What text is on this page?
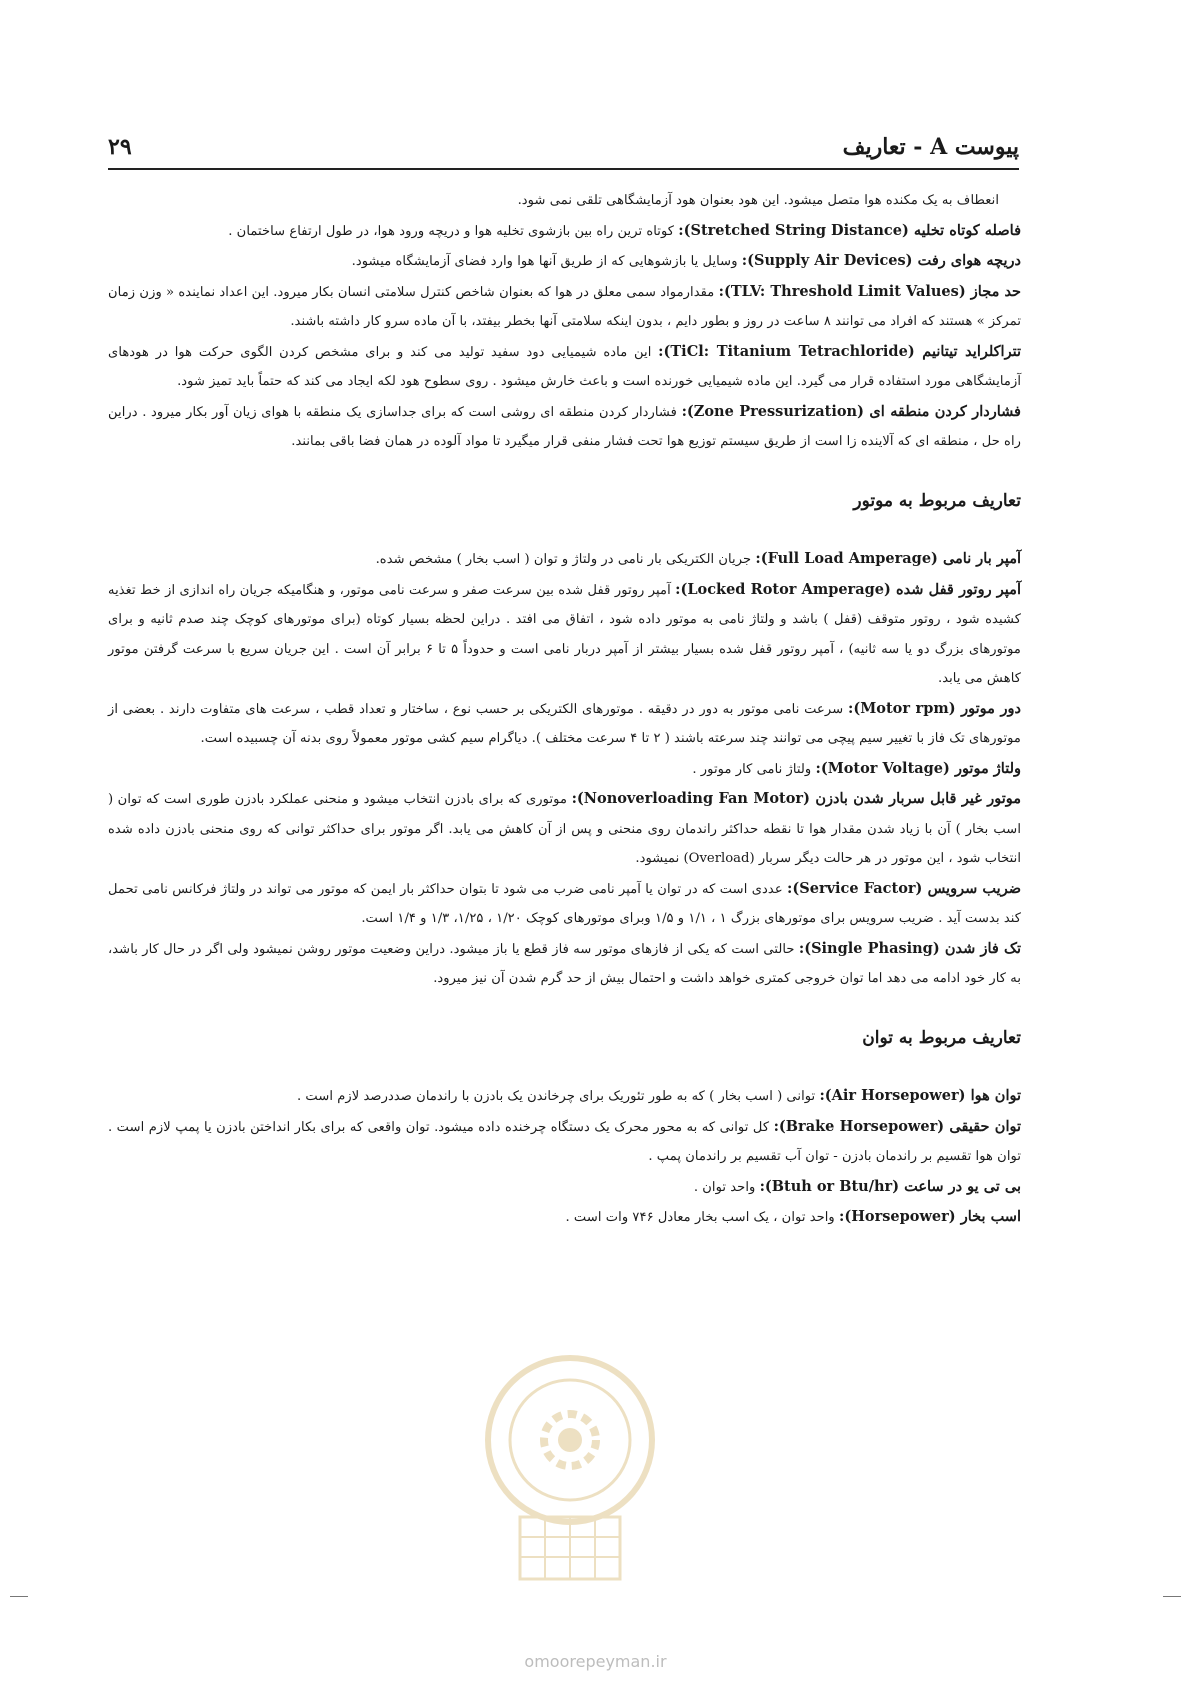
۲۹	پیوست A - تعاریف
انعطاف به یک مکنده هوا متصل میشود. این هود بعنوان هود آزمایشگاهی تلقی نمی شود.

فاصله کوتاه تخلیه (Stretched String Distance): کوتاه ترین راه بین بازشوی تخلیه هوا و دریچه ورود هوا، در طول ارتفاع ساختمان .

دریچه هوای رفت (Supply Air Devices): وسایل یا بازشوهایی که از طریق آنها هوا وارد فضای آزمایشگاه میشود.

حد مجاز (TLV: Threshold Limit Values): مقدارمواد سمی معلق در هوا که بعنوان شاخص کنترل سلامتی انسان بکار میرود. این اعداد نماینده « وزن زمان تمرکز » هستند که افراد می توانند ۸ ساعت در روز و بطور دایم ، بدون اینکه سلامتی آنها بخطر بیفتد، با آن ماده سرو کار داشته باشند.

تتراکلراید تیتانیم (TiCl: Titanium Tetrachloride): این ماده شیمیایی دود سفید تولید می کند و برای مشخص کردن الگوی حرکت هوا در هودهای آزمایشگاهی مورد استفاده قرار می گیرد. این ماده شیمیایی خورنده است و باعث خارش میشود . روی سطوح هود لکه ایجاد می کند که حتماً باید تمیز شود.

فشاردار کردن منطقه ای (Zone Pressurization): فشاردار کردن منطقه ای روشی است که برای جداسازی یک منطقه با هوای زیان آور بکار میرود . دراین راه حل ، منطقه ای که آلاینده زا است از طریق سیستم توزیع هوا تحت فشار منفی قرار میگیرد تا مواد آلوده در همان فضا باقی بمانند.

تعاریف مربوط به موتور

آمپر بار نامی (Full Load Amperage): جریان الکتریکی بار نامی در ولتاژ و توان ( اسب بخار ) مشخص شده.

آمپر روتور قفل شده (Locked Rotor Amperage): آمپر روتور قفل شده بین سرعت صفر و سرعت نامی موتور، و هنگامیکه جریان راه اندازی از خط تغذیه کشیده شود ، روتور متوقف (قفل ) باشد و ولتاژ نامی به موتور داده شود ، اتفاق می افتد . دراین لحظه بسیار کوتاه (برای موتورهای کوچک چند صدم ثانیه و برای موتورهای بزرگ دو یا سه ثانیه) ، آمپر روتور قفل شده بسیار بیشتر از آمپر دربار نامی است و حدوداً ۵ تا ۶ برابر آن است . این جریان سریع با سرعت گرفتن موتور کاهش می یابد.

دور موتور (Motor rpm): سرعت نامی موتور به دور در دقیقه . موتورهای الکتریکی بر حسب نوع ، ساختار و تعداد قطب ، سرعت های متفاوت دارند . بعضی از موتورهای تک فاز با تغییر سیم پیچی می توانند چند سرعته باشند ( ۲ تا ۴ سرعت مختلف ). دیاگرام سیم کشی موتور معمولاً روی بدنه آن چسبیده است.

ولتاژ موتور (Motor Voltage): ولتاژ نامی کار موتور .

موتور غیر قابل سربار شدن بادزن (Nonoverloading Fan Motor): موتوری که برای بادزن انتخاب میشود و منحنی عملکرد بادزن طوری است که توان ( اسب بخار ) آن با زیاد شدن مقدار هوا تا نقطه حداکثر راندمان روی منحنی و پس از آن کاهش می یابد. اگر موتور برای حداکثر توانی که روی منحنی بادزن داده شده انتخاب شود ، این موتور در هر حالت دیگر سربار (Overload) نمیشود.

ضریب سرویس (Service Factor): عددی است که در توان یا آمپر نامی ضرب می شود تا بتوان حداکثر بار ایمن که موتور می تواند در ولتاژ فرکانس نامی تحمل کند بدست آید . ضریب سرویس برای موتورهای بزرگ ۱ ، ۱/۱ و ۱/۵ وبرای موتورهای کوچک ۱/۲۰ ، ۱/۲۵، ۱/۳ و ۱/۴ است.

تک فاز شدن (Single Phasing): حالتی است که یکی از فازهای موتور سه فاز قطع یا باز میشود. دراین وضعیت موتور روشن نمیشود ولی اگر در حال کار باشد، به کار خود ادامه می دهد اما توان خروجی کمتری خواهد داشت و احتمال بیش از حد گرم شدن آن نیز میرود.

تعاریف مربوط به توان

توان هوا (Air Horsepower): توانی ( اسب بخار ) که به طور تئوریک برای چرخاندن یک بادزن با راندمان صددرصد لازم است .

توان حقیقی (Brake Horsepower): کل توانی که به محور محرک یک دستگاه چرخنده داده میشود. توان واقعی که برای بکار انداختن بادزن یا پمپ لازم است . توان هوا تقسیم بر راندمان بادزن - توان آب تقسیم بر راندمان پمپ .

بی تی یو در ساعت (Btuh or Btu/hr): واحد توان .

اسب بخار (Horsepower): واحد توان ، یک اسب بخار معادل ۷۴۶ وات است .

omoorepeyman.ir
